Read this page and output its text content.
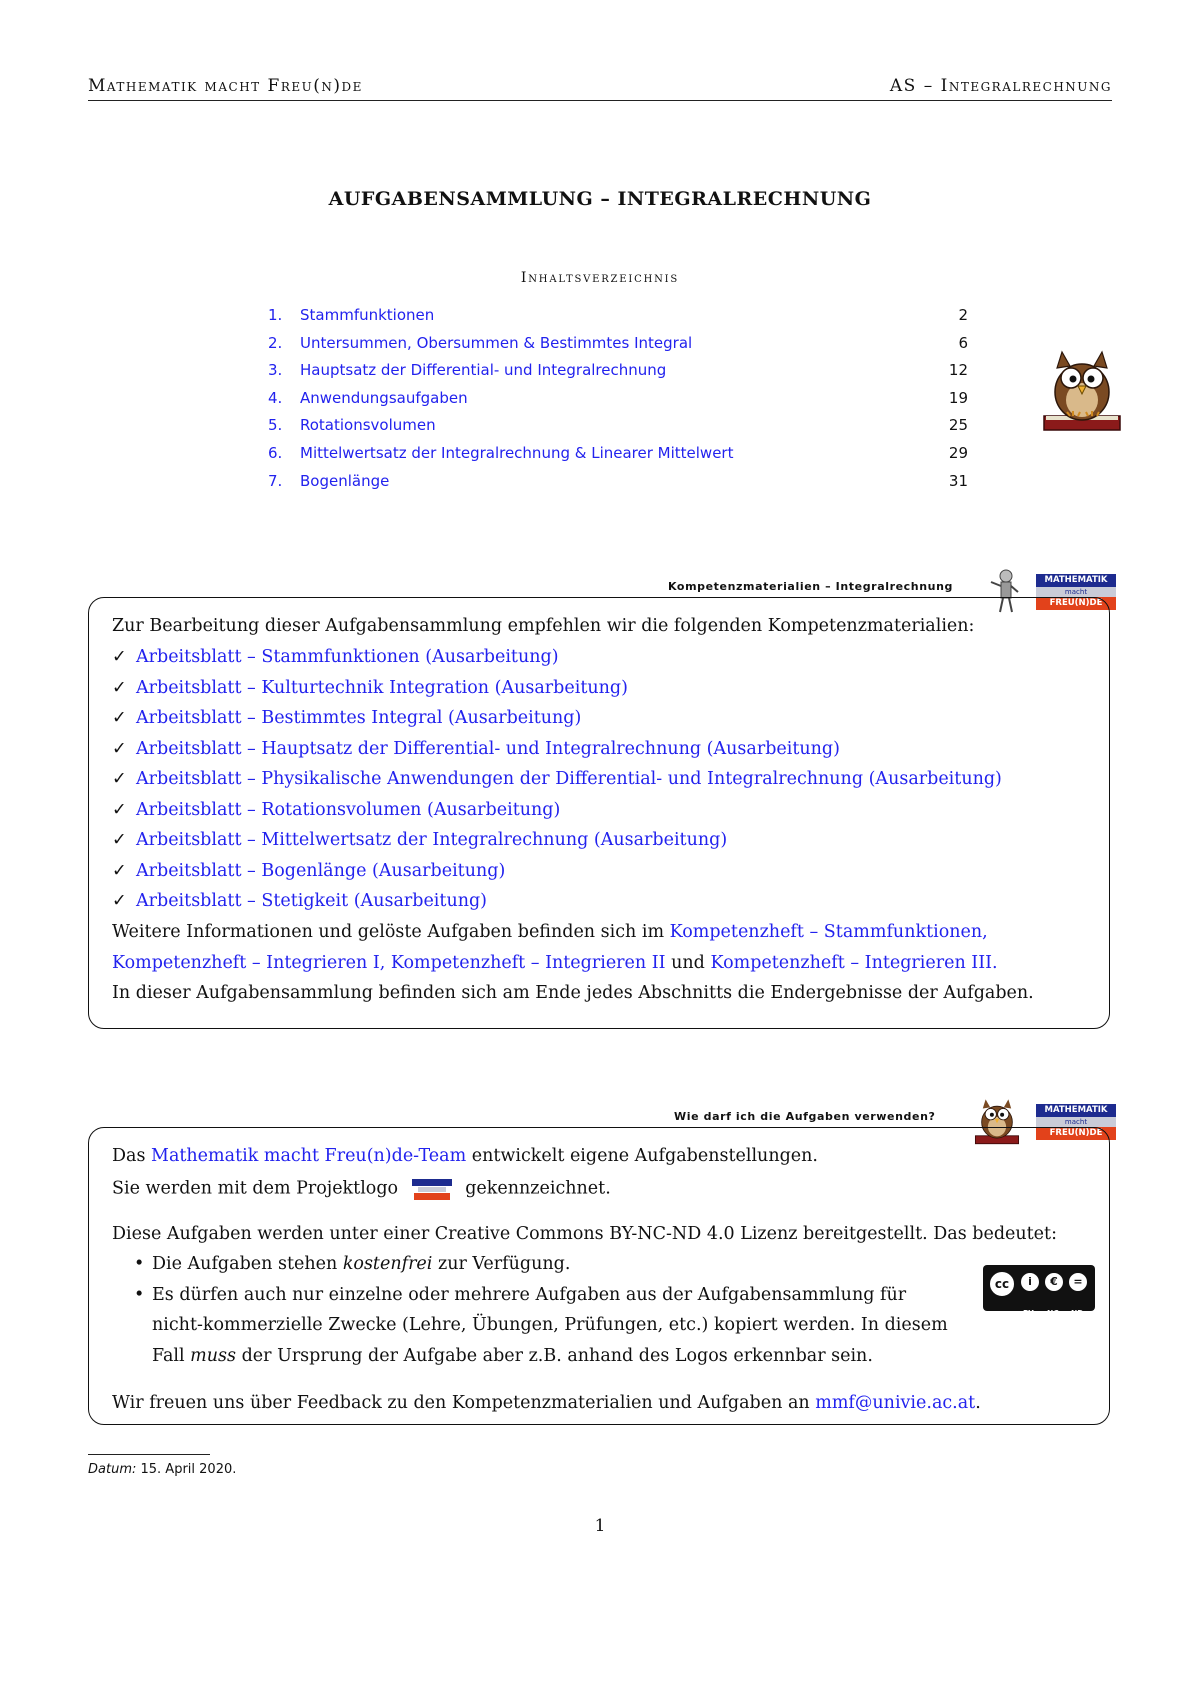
Mathematik macht Freu(n)de	AS – Integralrechnung
AUFGABENSAMMLUNG – INTEGRALRECHNUNG
Inhaltsverzeichnis
1.	Stammfunktionen	2
2.	Untersummen, Obersummen & Bestimmtes Integral	6
3.	Hauptsatz der Differential- und Integralrechnung	12
4.	Anwendungsaufgaben	19
5.	Rotationsvolumen	25
6.	Mittelwertsatz der Integralrechnung & Linearer Mittelwert	29
7.	Bogenlänge	31
Kompetenzmaterialien – Integralrechnung	MATHEMATIK
macht
FREU(N)DE
Zur Bearbeitung dieser Aufgabensammlung empfehlen wir die folgenden Kompetenzmaterialien:
✓ Arbeitsblatt – Stammfunktionen (Ausarbeitung)
✓ Arbeitsblatt – Kulturtechnik Integration (Ausarbeitung)
✓ Arbeitsblatt – Bestimmtes Integral (Ausarbeitung)
✓ Arbeitsblatt – Hauptsatz der Differential- und Integralrechnung (Ausarbeitung)
✓ Arbeitsblatt – Physikalische Anwendungen der Differential- und Integralrechnung (Ausarbeitung)
✓ Arbeitsblatt – Rotationsvolumen (Ausarbeitung)
✓ Arbeitsblatt – Mittelwertsatz der Integralrechnung (Ausarbeitung)
✓ Arbeitsblatt – Bogenlänge (Ausarbeitung)
✓ Arbeitsblatt – Stetigkeit (Ausarbeitung)
Weitere Informationen und gelöste Aufgaben befinden sich im Kompetenzheft – Stammfunktionen,
Kompetenzheft – Integrieren I, Kompetenzheft – Integrieren II und Kompetenzheft – Integrieren III.
In dieser Aufgabensammlung befinden sich am Ende jedes Abschnitts die Endergebnisse der Aufgaben.
Wie darf ich die Aufgaben verwenden?	MATHEMATIK
macht
FREU(N)DE
Das Mathematik macht Freu(n)de-Team entwickelt eigene Aufgabenstellungen.
Sie werden mit dem Projektlogo	gekennzeichnet.
Diese Aufgaben werden unter einer Creative Commons BY-NC-ND 4.0 Lizenz bereitgestellt. Das bedeutet:
• Die Aufgaben stehen kostenfrei zur Verfügung.
• Es dürfen auch nur einzelne oder mehrere Aufgaben aus der Aufgabensammlung für
nicht-kommerzielle Zwecke (Lehre, Übungen, Prüfungen, etc.) kopiert werden. In diesem
Fall muss der Ursprung der Aufgabe aber z.B. anhand des Logos erkennbar sein.
cc	i	€	=
BY NC ND
Wir freuen uns über Feedback zu den Kompetenzmaterialien und Aufgaben an mmf@univie.ac.at.
Datum: 15. April 2020.
1
